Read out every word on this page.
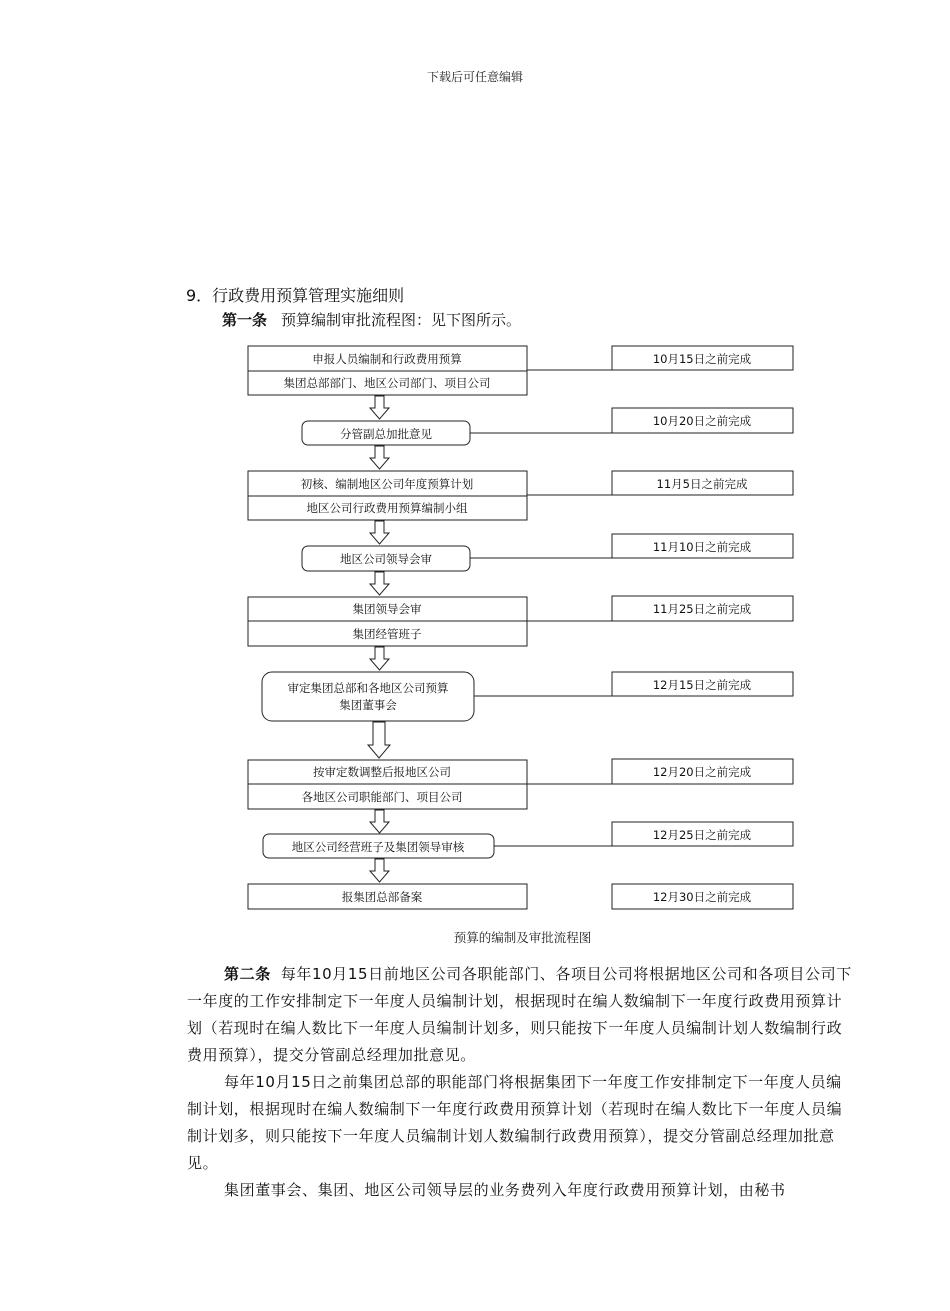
下载后可任意编辑
9．行政费用预算管理实施细则
第一条 预算编制审批流程图：见下图所示。
申报人员编制和行政费用预算
集团总部部门、地区公司部门、项目公司
10月15日之前完成
分管副总加批意见
10月20日之前完成
初核、编制地区公司年度预算计划
地区公司行政费用预算编制小组
11月5日之前完成
地区公司领导会审
11月10日之前完成
集团领导会审
集团经管班子
11月25日之前完成
审定集团总部和各地区公司预算
集团董事会
12月15日之前完成
按审定数调整后报地区公司
各地区公司职能部门、项目公司
12月20日之前完成
地区公司经营班子及集团领导审核
12月25日之前完成
报集团总部备案	12月30日之前完成
预算的编制及审批流程图

第二条 每年10月15日前地区公司各职能部门、各项目公司将根据地区公司和各项目公司下一年度的工作安排制定下一年度人员编制计划，根据现时在编人数编制下一年度行政费用预算计划（若现时在编人数比下一年度人员编制计划多，则只能按下一年度人员编制计划人数编制行政费用预算），提交分管副总经理加批意见。

每年10月15日之前集团总部的职能部门将根据集团下一年度工作安排制定下一年度人员编制计划，根据现时在编人数编制下一年度行政费用预算计划（若现时在编人数比下一年度人员编制计划多，则只能按下一年度人员编制计划人数编制行政费用预算），提交分管副总经理加批意见。

集团董事会、集团、地区公司领导层的业务费列入年度行政费用预算计划，由秘书
